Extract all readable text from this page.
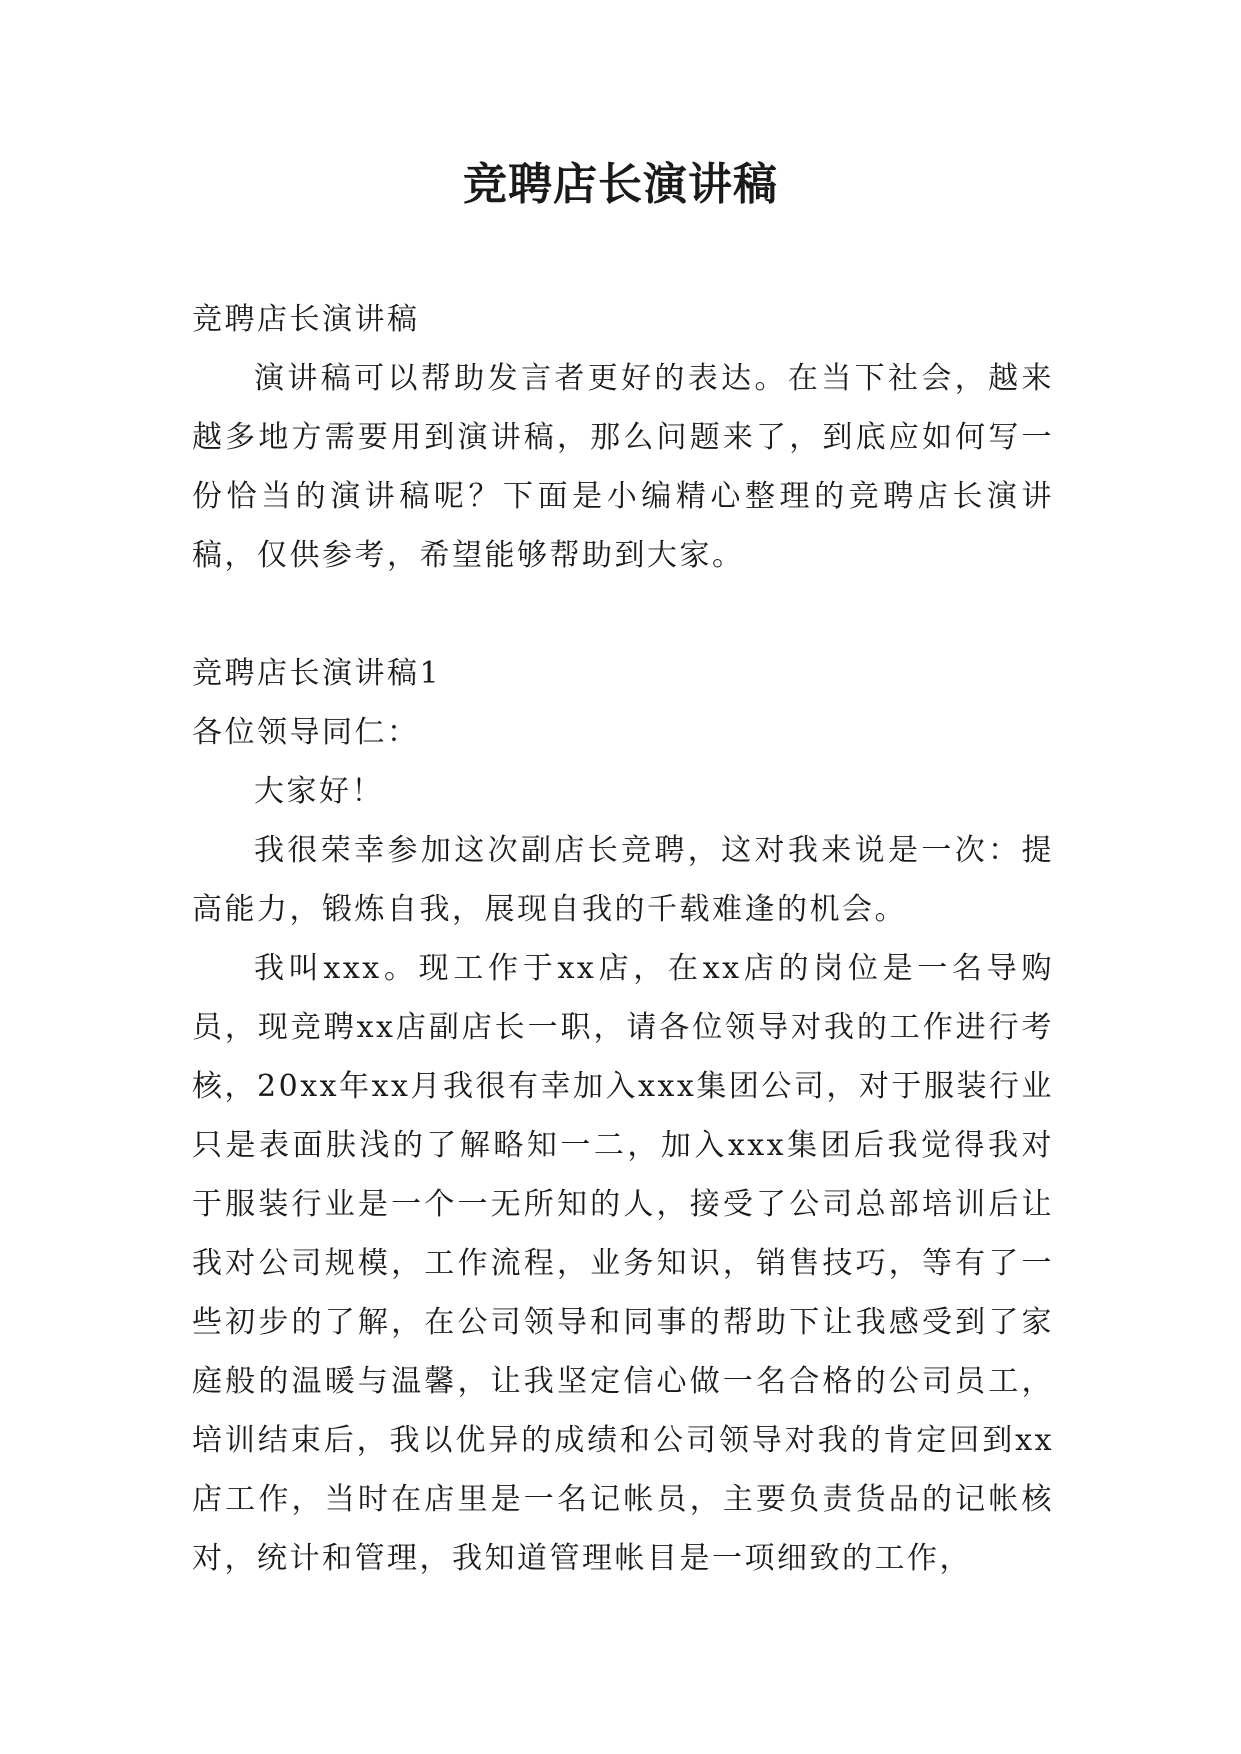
竞聘店长演讲稿

竞聘店长演讲稿

演讲稿可以帮助发言者更好的表达。在当下社会，越来越多地方需要用到演讲稿，那么问题来了，到底应如何写一份恰当的演讲稿呢？下面是小编精心整理的竞聘店长演讲稿，仅供参考，希望能够帮助到大家。

竞聘店长演讲稿1

各位领导同仁：

大家好！

我很荣幸参加这次副店长竞聘，这对我来说是一次：提高能力，锻炼自我，展现自我的千载难逢的机会。

我叫xxx。现工作于xx店，在xx店的岗位是一名导购员，现竞聘xx店副店长一职，请各位领导对我的工作进行考核，20xx年xx月我很有幸加入xxx集团公司，对于服装行业只是表面肤浅的了解略知一二，加入xxx集团后我觉得我对于服装行业是一个一无所知的人，接受了公司总部培训后让我对公司规模，工作流程，业务知识，销售技巧，等有了一些初步的了解，在公司领导和同事的帮助下让我感受到了家庭般的温暖与温馨，让我坚定信心做一名合格的公司员工，培训结束后，我以优异的成绩和公司领导对我的肯定回到xx店工作，当时在店里是一名记帐员，主要负责货品的记帐核对，统计和管理，我知道管理帐目是一项细致的工作，
